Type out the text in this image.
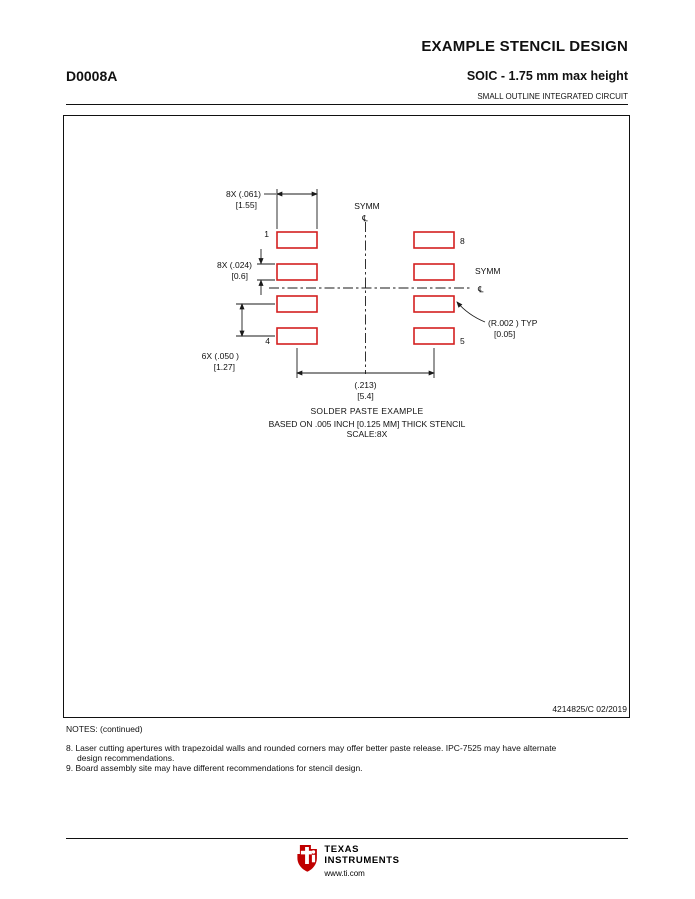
EXAMPLE STENCIL DESIGN
D0008A	SOIC - 1.75 mm max height
SMALL OUTLINE INTEGRATED CIRCUIT
8X (.061)
[1.55]
8X (.024)
[0.6]
6X (.050 )
[1.27]
(.213)
[5.4]
(R.002 ) TYP
[0.05]
SYMM
℄
SYMM
℄
1
4
8
5
SOLDER PASTE EXAMPLE
BASED ON .005 INCH [0.125 MM] THICK STENCIL
SCALE:8X
4214825/C 02/2019
NOTES: (continued)
8. Laser cutting apertures with trapezoidal walls and rounded corners may offer better paste release. IPC-7525 may have alternate
design recommendations.
9. Board assembly site may have different recommendations for stencil design.
TEXAS
INSTRUMENTS
www.ti.com
